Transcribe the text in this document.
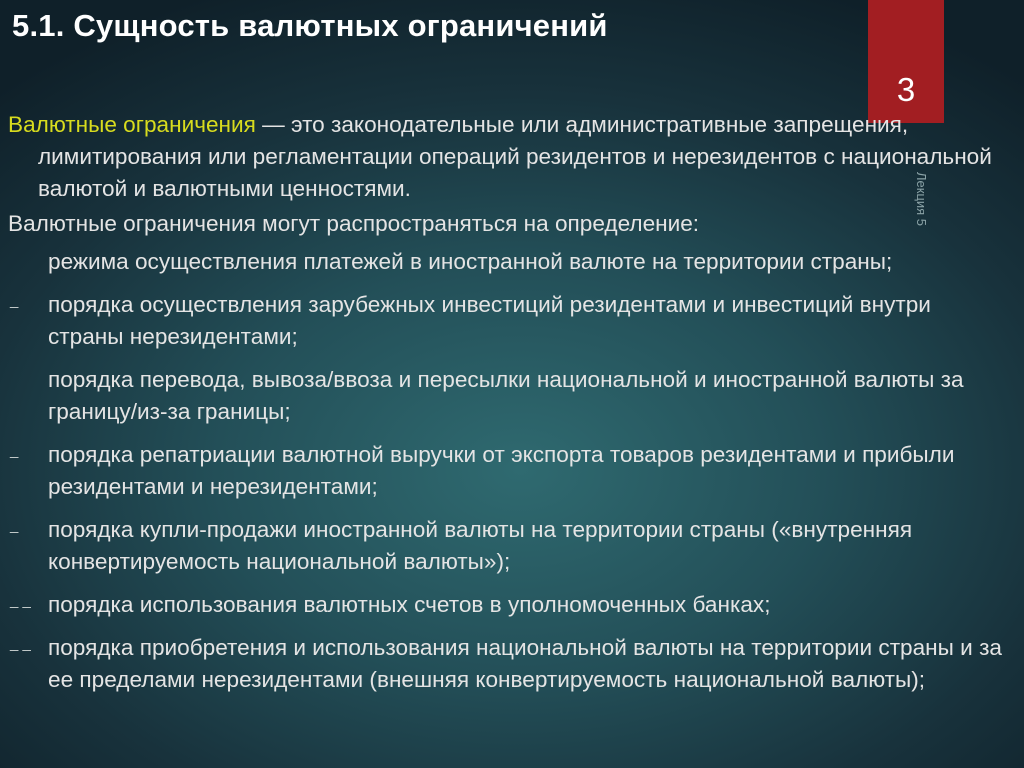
5.1. Сущность валютных ограничений
3
Лекция 5

Валютные ограничения — это законодательные или административные запрещения, лимитирования или регламентации операций резидентов и нерезидентов с национальной валютой и валютными ценностями.

Валютные ограничения могут распространяться на определение:

режима осуществления платежей в иностранной валюте на территории страны;
_ порядка осуществления зарубежных инвестиций резидентами и инвестиций внутри страны нерезидентами;
порядка перевода, вывоза/ввоза и пересылки национальной и иностранной валюты за границу/из-за границы;
_ порядка репатриации валютной выручки от экспорта товаров резидентами и прибыли резидентами и нерезидентами;
_ порядка купли-продажи иностранной валюты на территории страны («внутренняя конвертируемость национальной валюты»);
_ _ порядка использования валютных счетов в уполномоченных банках;
_ _ порядка приобретения и использования национальной валюты на территории страны и за ее пределами нерезидентами (внешняя конвертируемость национальной валюты);
